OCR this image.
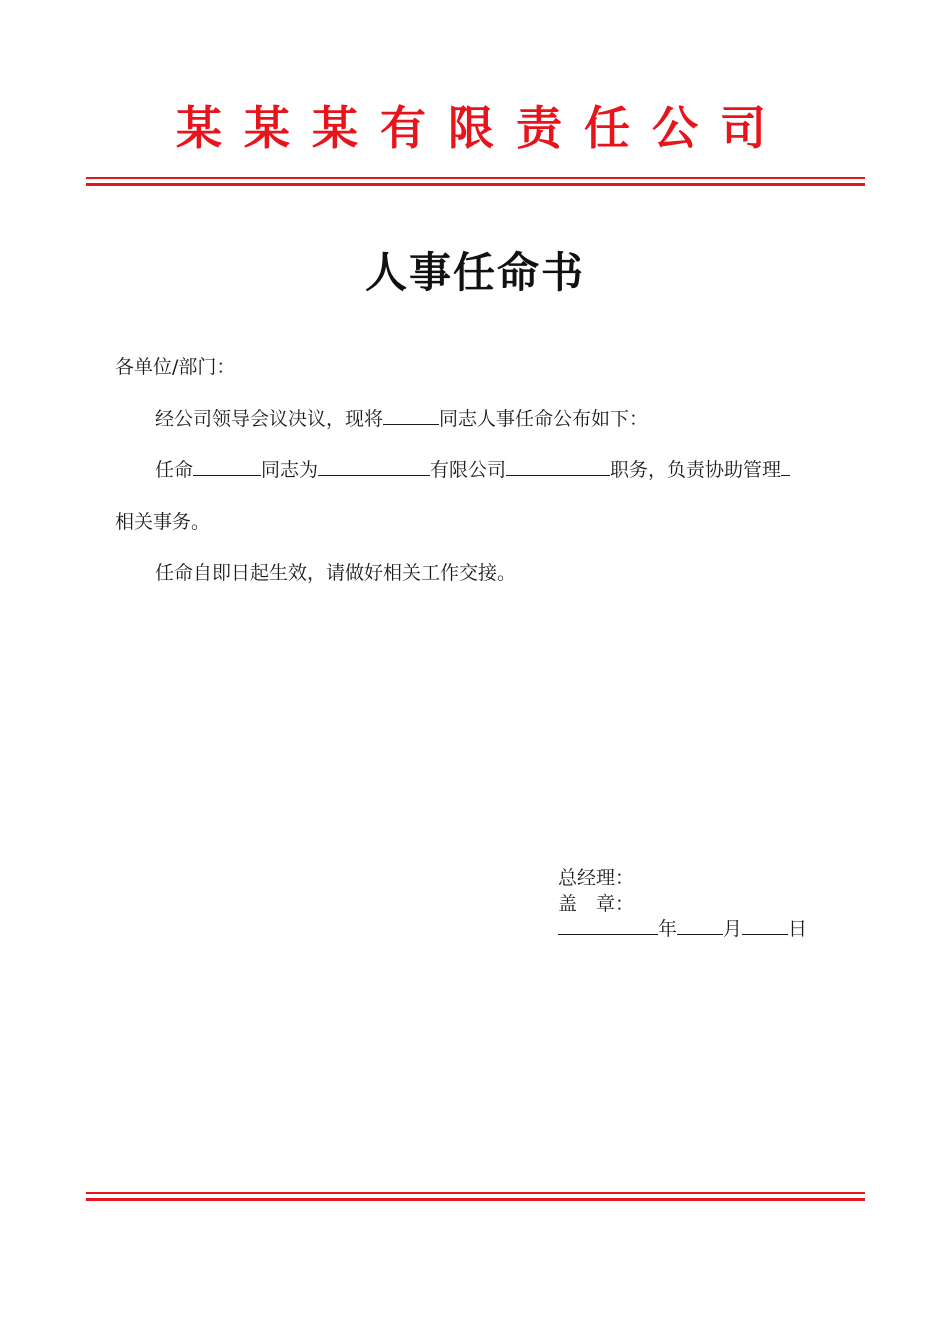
某某某有限责任公司
人事任命书
各单位/部门：
经公司领导会议决议，现将	同志人事任命公布如下：
任命	同志为	有限公司	职务，负责协助管理
相关事务。
任命自即日起生效，请做好相关工作交接。
总经理：
盖　章：
年 月 日
